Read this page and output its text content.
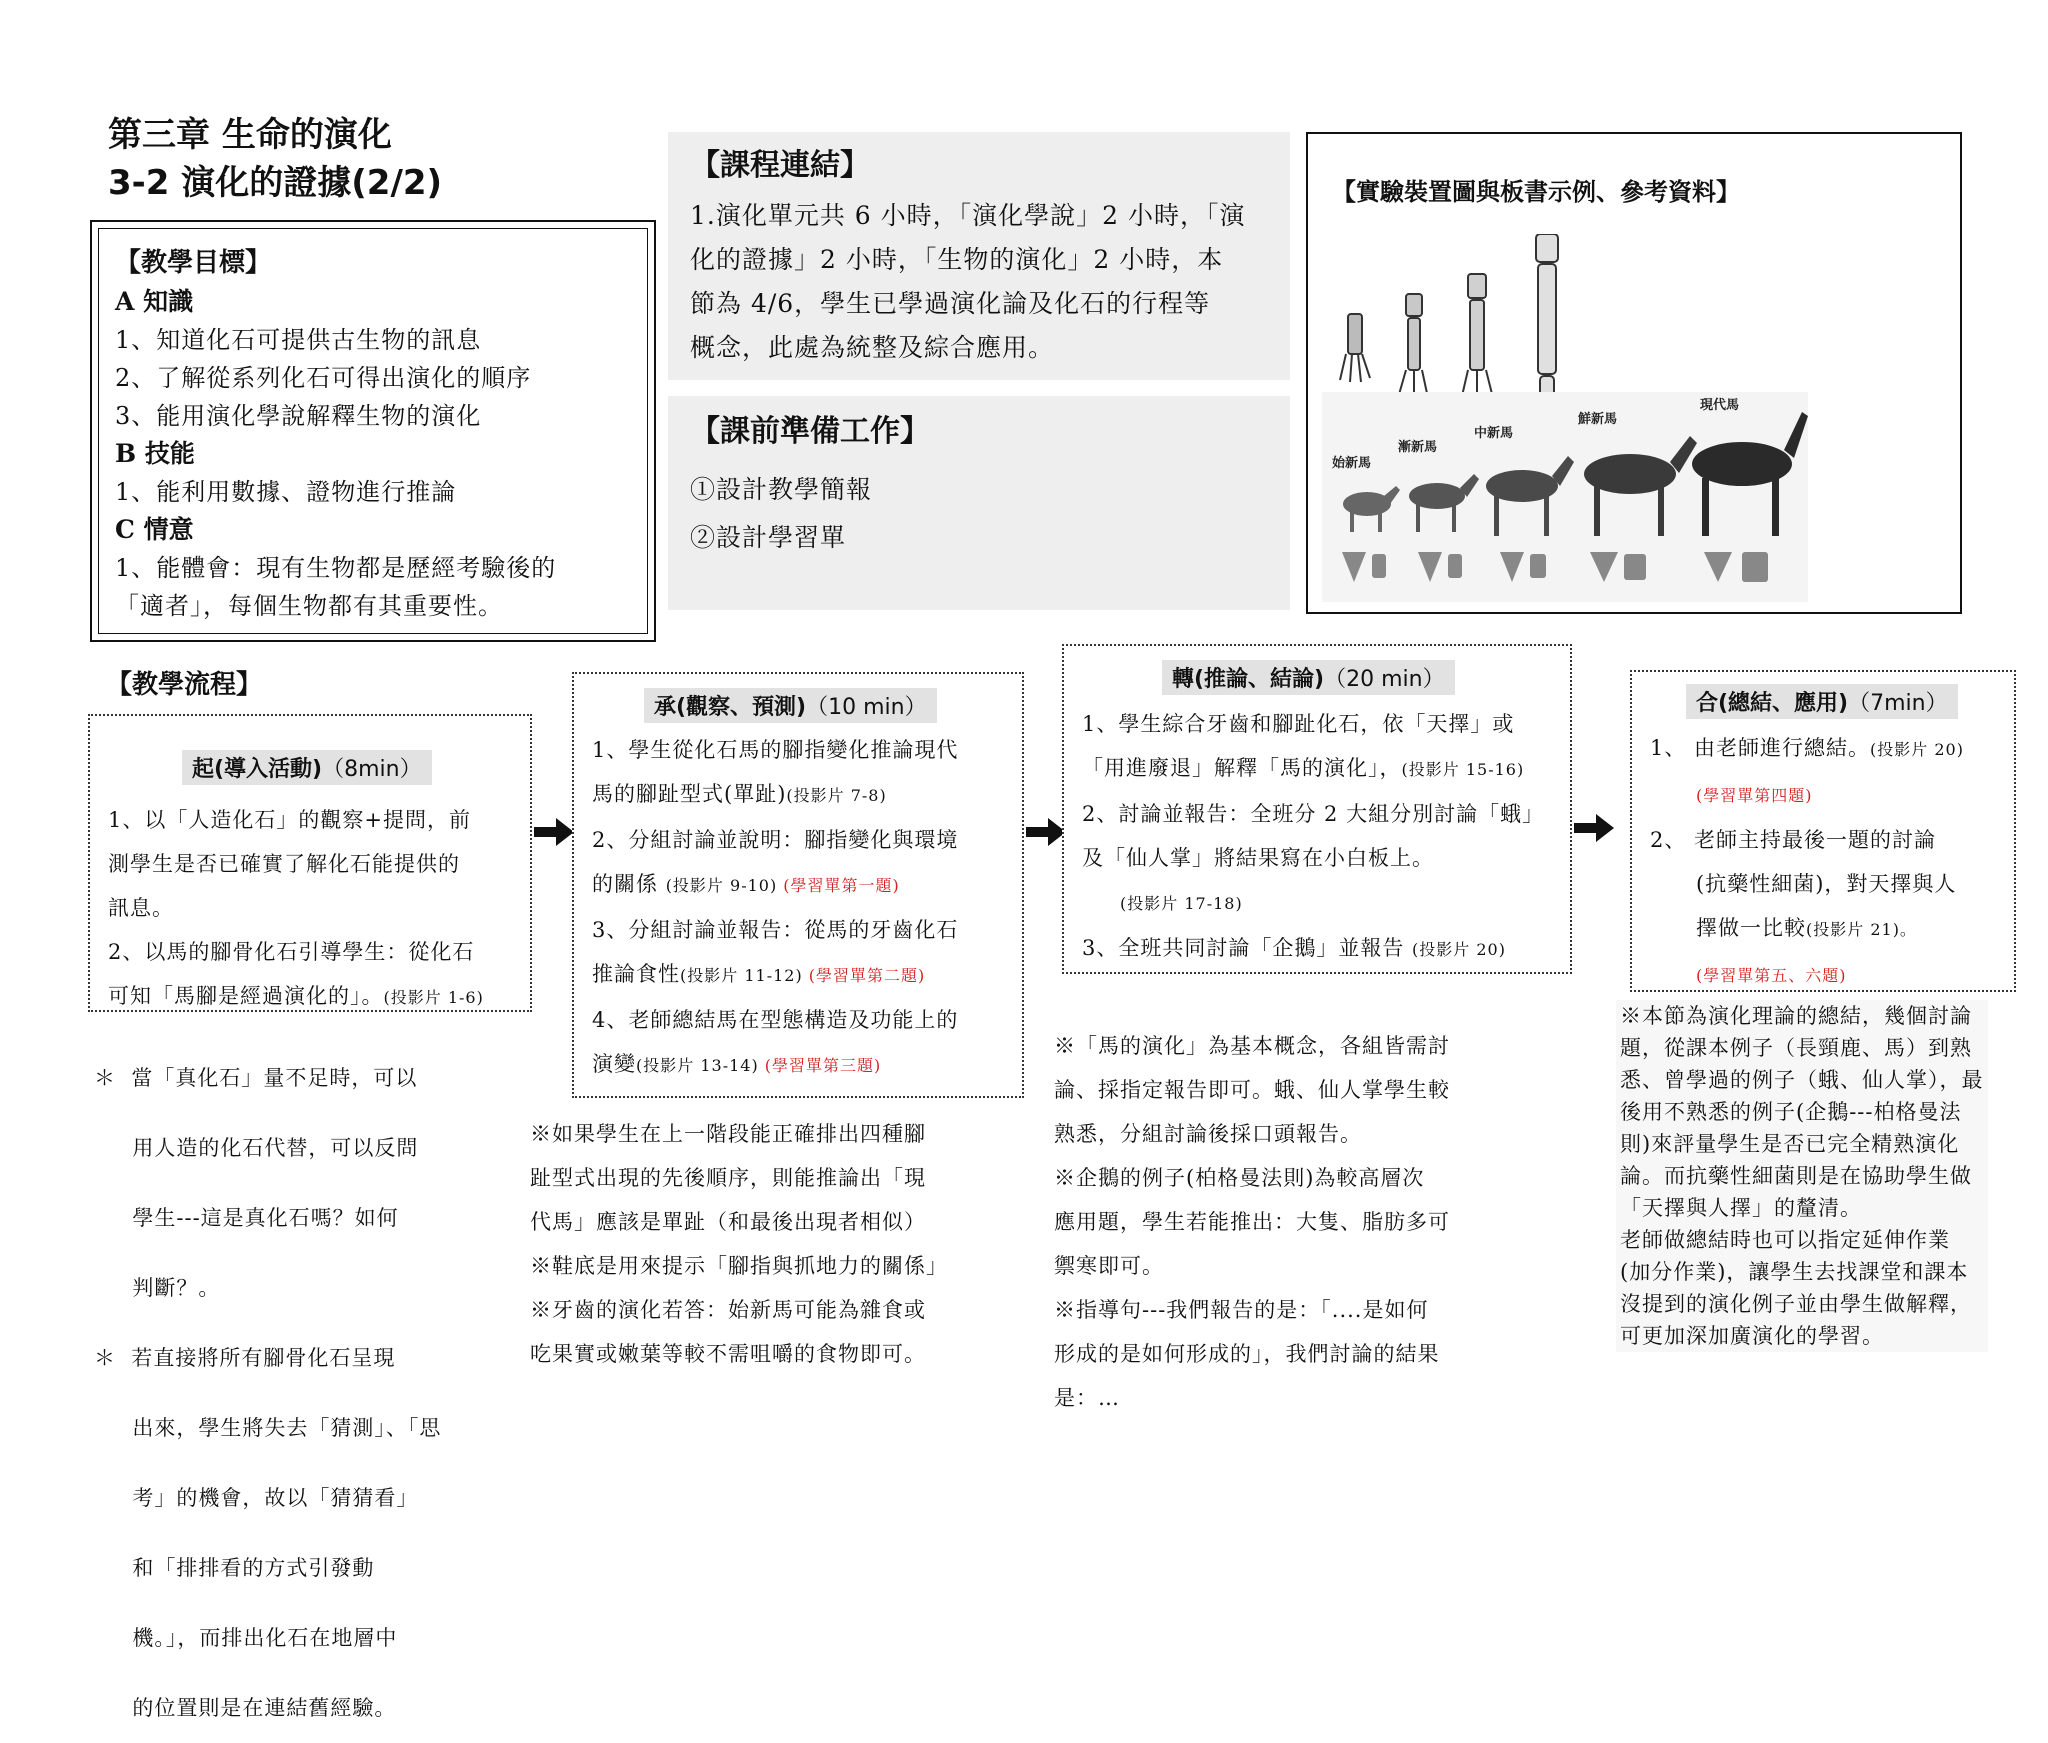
第三章 生命的演化
3-2 演化的證據(2/2)
【教學目標】
A 知識
1、知道化石可提供古生物的訊息
2、了解從系列化石可得出演化的順序
3、能用演化學說解釋生物的演化
B 技能
1、能利用數據、證物進行推論
C 情意
1、能體會：現有生物都是歷經考驗後的
「適者」，每個生物都有其重要性。
【課程連結】
1.演化單元共 6 小時，「演化學說」2 小時，「演
化的證據」2 小時，「生物的演化」2 小時，本
節為 4/6，學生已學過演化論及化石的行程等
概念，此處為統整及綜合應用。
【課前準備工作】
①設計教學簡報
②設計學習單
【實驗裝置圖與板書示例、參考資料】
始新馬
漸新馬
中新馬
鮮新馬
現代馬
【教學流程】
起(導入活動)（8min）
1、以「人造化石」的觀察+提問，前
測學生是否已確實了解化石能提供的
訊息。
2、以馬的腳骨化石引導學生：從化石
可知「馬腳是經過演化的」。(投影片 1-6)
承(觀察、預測)（10 min）
1、學生從化石馬的腳指變化推論現代
馬的腳趾型式(單趾)(投影片 7-8)
2、分組討論並說明：腳指變化與環境
的關係 (投影片 9-10) (學習單第一題)
3、分組討論並報告：從馬的牙齒化石
推論食性(投影片 11-12) (學習單第二題)
4、老師總結馬在型態構造及功能上的
演變(投影片 13-14) (學習單第三題)
轉(推論、結論)（20 min）
1、學生綜合牙齒和腳趾化石，依「天擇」或
「用進廢退」解釋「馬的演化」，(投影片 15-16)
2、討論並報告：全班分 2 大組分別討論「蛾」
及「仙人掌」將結果寫在小白板上。
(投影片 17-18)
3、全班共同討論「企鵝」並報告 (投影片 20)
合(總結、應用)（7min）
1、 由老師進行總結。(投影片 20)
(學習單第四題)
2、 老師主持最後一題的討論
(抗藥性細菌)，對天擇與人
擇做一比較(投影片 21)。
(學習單第五、六題)

＊  當「真化石」量不足時，可以

用人造的化石代替，可以反問

學生---這是真化石嗎？如何

判斷？。

＊  若直接將所有腳骨化石呈現

出來，學生將失去「猜測」、「思

考」的機會，故以「猜猜看」

和「排排看的方式引發動

機。」，而排出化石在地層中

的位置則是在連結舊經驗。

※如果學生在上一階段能正確排出四種腳
趾型式出現的先後順序，則能推論出「現
代馬」應該是單趾（和最後出現者相似）
※鞋底是用來提示「腳指與抓地力的關係」
※牙齒的演化若答：始新馬可能為雜食或
吃果實或嫩葉等較不需咀嚼的食物即可。
※「馬的演化」為基本概念，各組皆需討
論、採指定報告即可。蛾、仙人掌學生較
熟悉，分組討論後採口頭報告。
※企鵝的例子(柏格曼法則)為較高層次
應用題，學生若能推出：大隻、脂肪多可
禦寒即可。
※指導句---我們報告的是：「....是如何
形成的是如何形成的」，我們討論的結果
是：…
※本節為演化理論的總結，幾個討論
題，從課本例子（長頸鹿、馬）到熟
悉、曾學過的例子（蛾、仙人掌），最
後用不熟悉的例子(企鵝---柏格曼法
則)來評量學生是否已完全精熟演化
論。而抗藥性細菌則是在協助學生做
「天擇與人擇」的釐清。
老師做總結時也可以指定延伸作業
(加分作業)，讓學生去找課堂和課本
沒提到的演化例子並由學生做解釋，
可更加深加廣演化的學習。
